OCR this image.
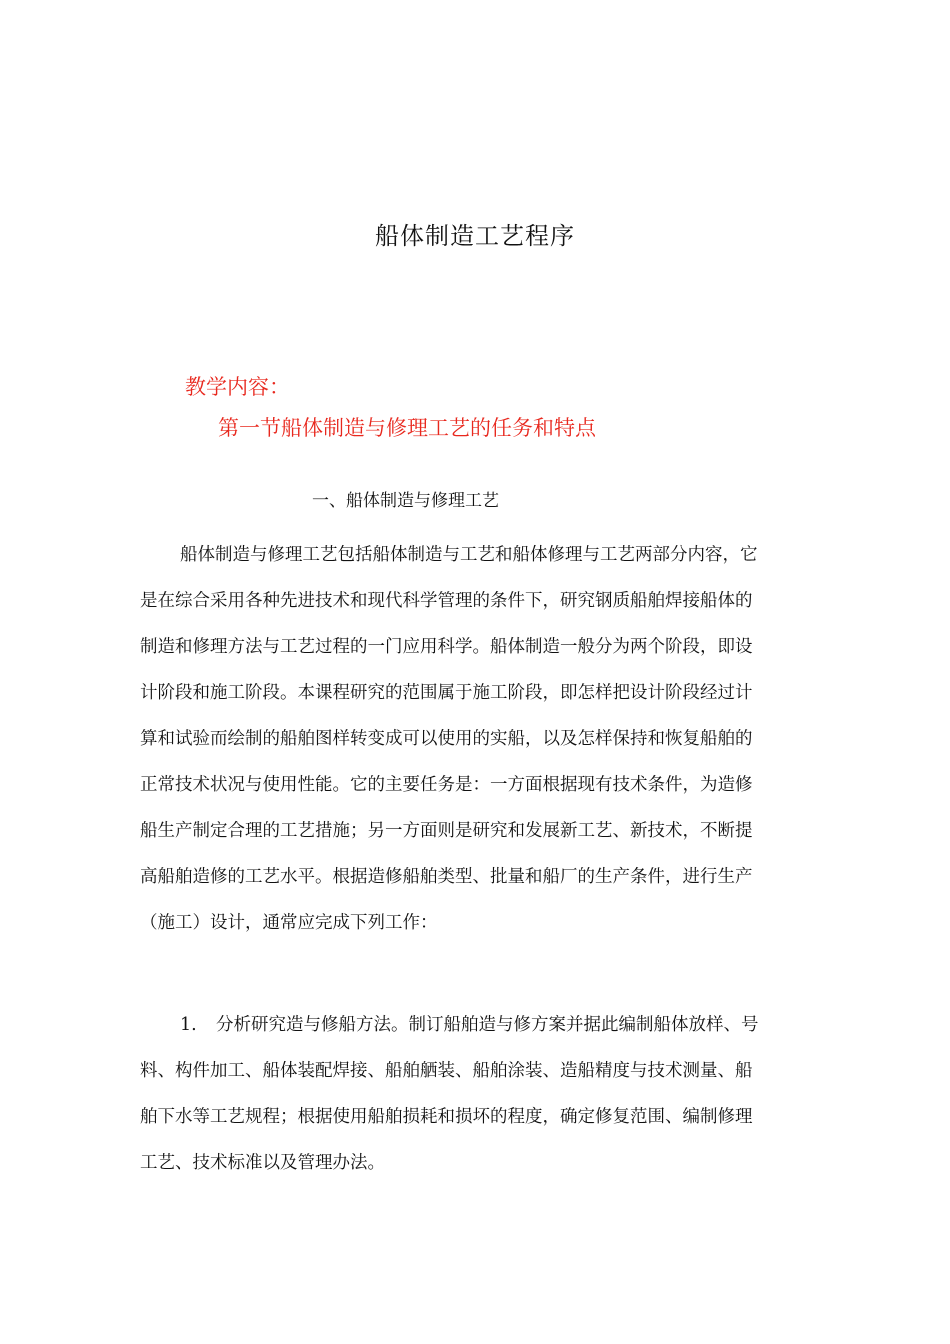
船体制造工艺程序
教学内容：
第一节船体制造与修理工艺的任务和特点
一、船体制造与修理工艺
船体制造与修理工艺包括船体制造与工艺和船体修理与工艺两部分内容，它
是在综合采用各种先进技术和现代科学管理的条件下，研究钢质船舶焊接船体的
制造和修理方法与工艺过程的一门应用科学。船体制造一般分为两个阶段，即设
计阶段和施工阶段。本课程研究的范围属于施工阶段，即怎样把设计阶段经过计
算和试验而绘制的船舶图样转变成可以使用的实船，以及怎样保持和恢复船舶的
正常技术状况与使用性能。它的主要任务是：一方面根据现有技术条件，为造修
船生产制定合理的工艺措施；另一方面则是研究和发展新工艺、新技术，不断提
高船舶造修的工艺水平。根据造修船舶类型、批量和船厂的生产条件，进行生产
（施工）设计，通常应完成下列工作：
1. 分析研究造与修船方法。制订船舶造与修方案并据此编制船体放样、号
料、构件加工、船体装配焊接、船舶舾装、船舶涂装、造船精度与技术测量、船
舶下水等工艺规程；根据使用船舶损耗和损坏的程度，确定修复范围、编制修理
工艺、技术标准以及管理办法。
